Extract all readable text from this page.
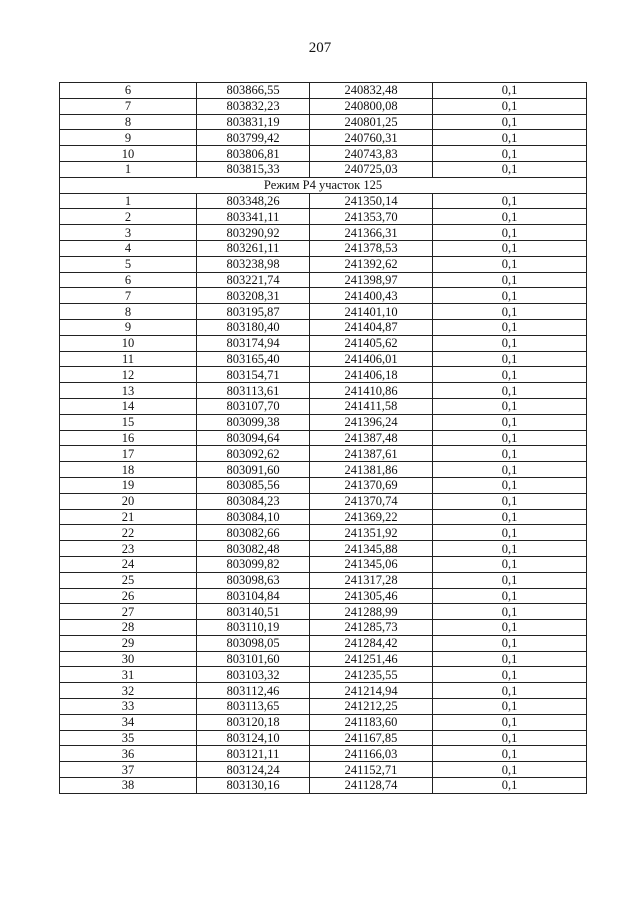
207
6	803866,55	240832,48	0,1
7	803832,23	240800,08	0,1
8	803831,19	240801,25	0,1
9	803799,42	240760,31	0,1
10	803806,81	240743,83	0,1
1	803815,33	240725,03	0,1
Режим Р4 участок 125			
1	803348,26	241350,14	0,1
2	803341,11	241353,70	0,1
3	803290,92	241366,31	0,1
4	803261,11	241378,53	0,1
5	803238,98	241392,62	0,1
6	803221,74	241398,97	0,1
7	803208,31	241400,43	0,1
8	803195,87	241401,10	0,1
9	803180,40	241404,87	0,1
10	803174,94	241405,62	0,1
11	803165,40	241406,01	0,1
12	803154,71	241406,18	0,1
13	803113,61	241410,86	0,1
14	803107,70	241411,58	0,1
15	803099,38	241396,24	0,1
16	803094,64	241387,48	0,1
17	803092,62	241387,61	0,1
18	803091,60	241381,86	0,1
19	803085,56	241370,69	0,1
20	803084,23	241370,74	0,1
21	803084,10	241369,22	0,1
22	803082,66	241351,92	0,1
23	803082,48	241345,88	0,1
24	803099,82	241345,06	0,1
25	803098,63	241317,28	0,1
26	803104,84	241305,46	0,1
27	803140,51	241288,99	0,1
28	803110,19	241285,73	0,1
29	803098,05	241284,42	0,1
30	803101,60	241251,46	0,1
31	803103,32	241235,55	0,1
32	803112,46	241214,94	0,1
33	803113,65	241212,25	0,1
34	803120,18	241183,60	0,1
35	803124,10	241167,85	0,1
36	803121,11	241166,03	0,1
37	803124,24	241152,71	0,1
38	803130,16	241128,74	0,1
